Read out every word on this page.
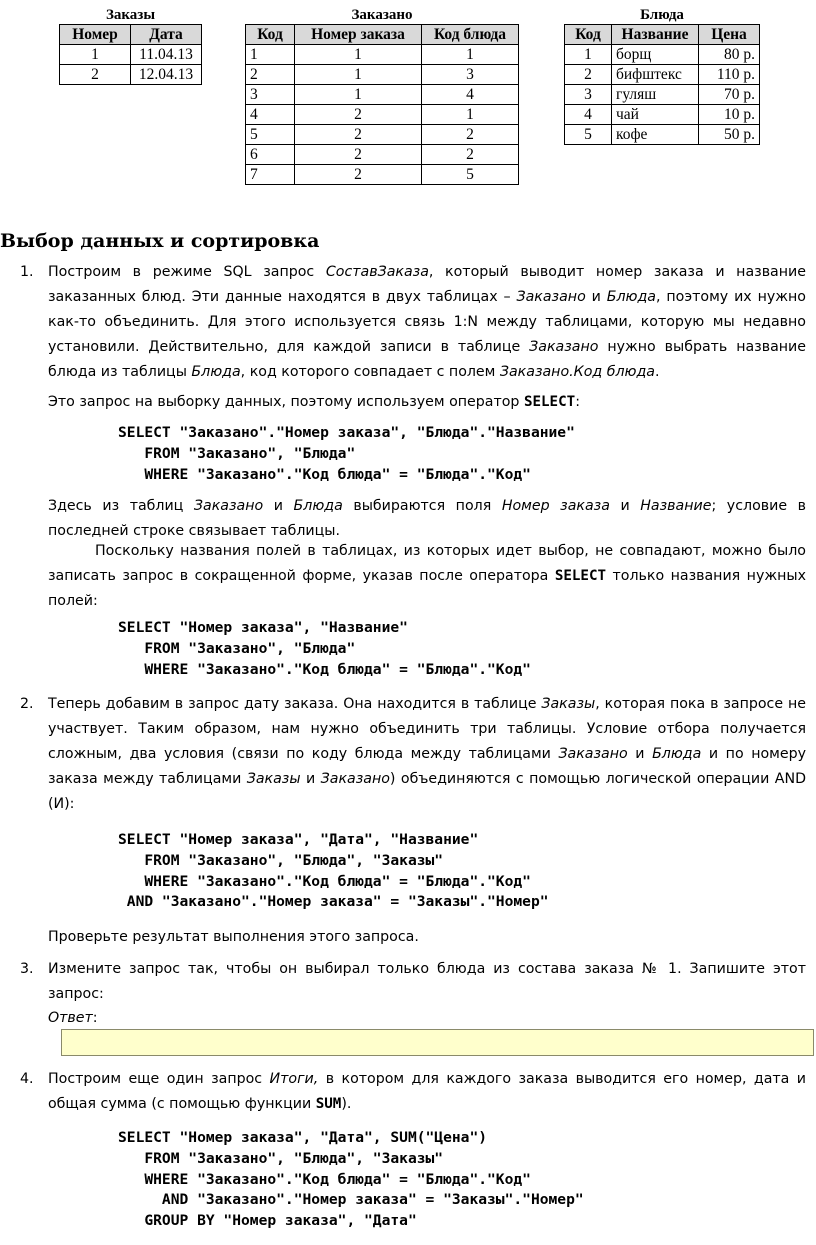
Заказы
Номер	Дата
1	11.04.13
2	12.04.13
Заказано
Код	Номер заказа	Код блюда
1	1	1
2	1	3
3	1	4
4	2	1
5	2	2
6	2	2
7	2	5
Блюда
Код	Название	Цена
1	борщ	80 р.
2	бифштекс	110 р.
3	гуляш	70 р.
4	чай	10 р.
5	кофе	50 р.
Выбор данных и сортировка
1. Построим в режиме SQL запрос СоставЗаказа, который выводит номер заказа и название заказанных блюд. Эти данные находятся в двух таблицах – Заказано и Блюда, поэтому их нужно как-то объединить. Для этого используется связь 1:N между таблицами, которую мы недавно установили. Действительно, для каждой записи в таблице Заказано нужно выбрать название блюда из таблицы Блюда, код которого совпадает с полем Заказано.Код блюда.
Это запрос на выборку данных, поэтому используем оператор SELECT:
SELECT "Заказано"."Номер заказа", "Блюда"."Название"
FROM "Заказано", "Блюда"
WHERE "Заказано"."Код блюда" = "Блюда"."Код"
Здесь из таблиц Заказано и Блюда выбираются поля Номер заказа и Название; условие в последней строке связывает таблицы.
Поскольку названия полей в таблицах, из которых идет выбор, не совпадают, можно было записать запрос в сокращенной форме, указав после оператора SELECT только названия нужных полей:
SELECT "Номер заказа", "Название"
FROM "Заказано", "Блюда"
WHERE "Заказано"."Код блюда" = "Блюда"."Код"
2. Теперь добавим в запрос дату заказа. Она находится в таблице Заказы, которая пока в запросе не участвует. Таким образом, нам нужно объединить три таблицы. Условие отбора получается сложным, два условия (связи по коду блюда между таблицами Заказано и Блюда и по номеру заказа между таблицами Заказы и Заказано) объединяются с помощью логической операции AND (И):
SELECT "Номер заказа", "Дата", "Название"
FROM "Заказано", "Блюда", "Заказы"
WHERE "Заказано"."Код блюда" = "Блюда"."Код"
AND "Заказано"."Номер заказа" = "Заказы"."Номер"
Проверьте результат выполнения этого запроса.
3. Измените запрос так, чтобы он выбирал только блюда из состава заказа № 1. Запишите этот запрос:
Ответ:
4. Построим еще один запрос Итоги, в котором для каждого заказа выводится его номер, дата и общая сумма (с помощью функции SUM).
SELECT "Номер заказа", "Дата", SUM("Цена")
FROM "Заказано", "Блюда", "Заказы"
WHERE "Заказано"."Код блюда" = "Блюда"."Код"
AND "Заказано"."Номер заказа" = "Заказы"."Номер"
GROUP BY "Номер заказа", "Дата"
